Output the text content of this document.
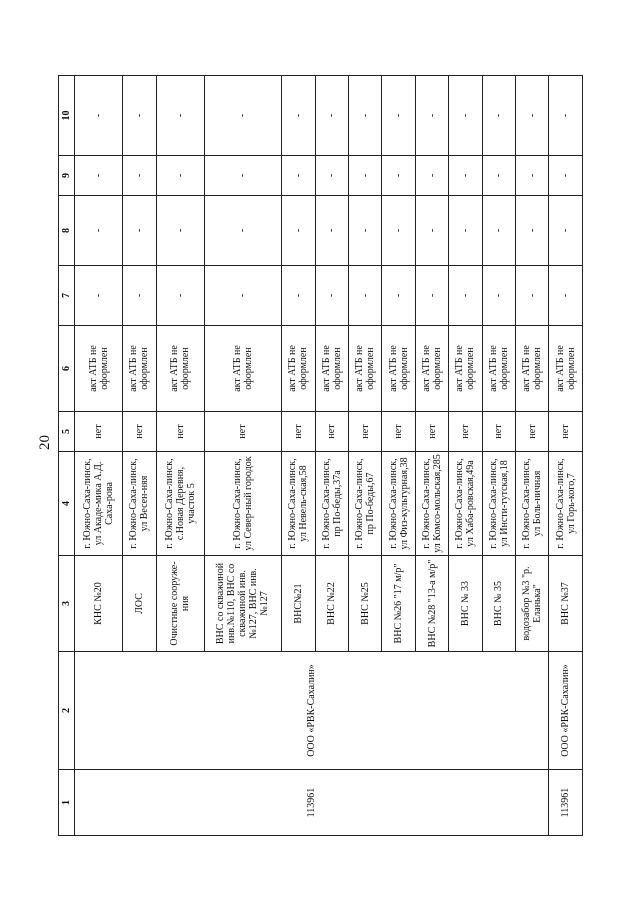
20
1	2	3	4	5	6	7	8	9	10
113961	ООО «РВК-Сахалин»	КНС №20	г. Южно-Саха-линск, ул Акаде-мика А.Д. Саха-рова	нет	акт АТБ не оформлен	-	-	-	-
		ЛОС	г. Южно-Саха-линск, ул Весен-няя	нет	акт АТБ не оформлен	-	-	-	-
		Очистные сооруже-ния	г. Южно-Саха-линск, с.Новая Деревня, участок 5	нет	акт АТБ не оформлен	-	-	-	-
		ВНС со скважиной инв.№110, ВНС со скважиной инв.№127, ВНС инв.№127	г. Южно-Саха-линск, ул Север-ный городок	нет	акт АТБ не оформлен	-	-	-	-
		ВНС№21	г. Южно-Саха-линск, ул Невель-ская,58	нет	акт АТБ не оформлен	-	-	-	-
		ВНС №22	г. Южно-Саха-линск, пр По-беды,37а	нет	акт АТБ не оформлен	-	-	-	-
		ВНС №25	г. Южно-Саха-линск, пр По-беды,67	нет	акт АТБ не оформлен	-	-	-	-
		ВНС №26 "17 м/р"	г. Южно-Саха-линск, ул Физ-культурная,38	нет	акт АТБ не оформлен	-	-	-	-
		ВНС №28 "13-а м/р"	г. Южно-Саха-линск, ул Комсо-мольская,285	нет	акт АТБ не оформлен	-	-	-	-
		ВНС № 33	г. Южно-Саха-линск, ул Хаба-ровская,49а	нет	акт АТБ не оформлен	-	-	-	-
		ВНС № 35	г. Южно-Саха-линск, ул Инсти-тутская,18	нет	акт АТБ не оформлен	-	-	-	-
		водозабор №3 "р. Еланька"	г. Южно-Саха-линск, ул Боль-ничная	нет	акт АТБ не оформлен	-	-	-	-
113961	ООО «РВК-Сахалин»	ВНС №37	г. Южно-Саха-линск, ул Горь-кого,7	нет	акт АТБ не оформлен	-	-	-	-
